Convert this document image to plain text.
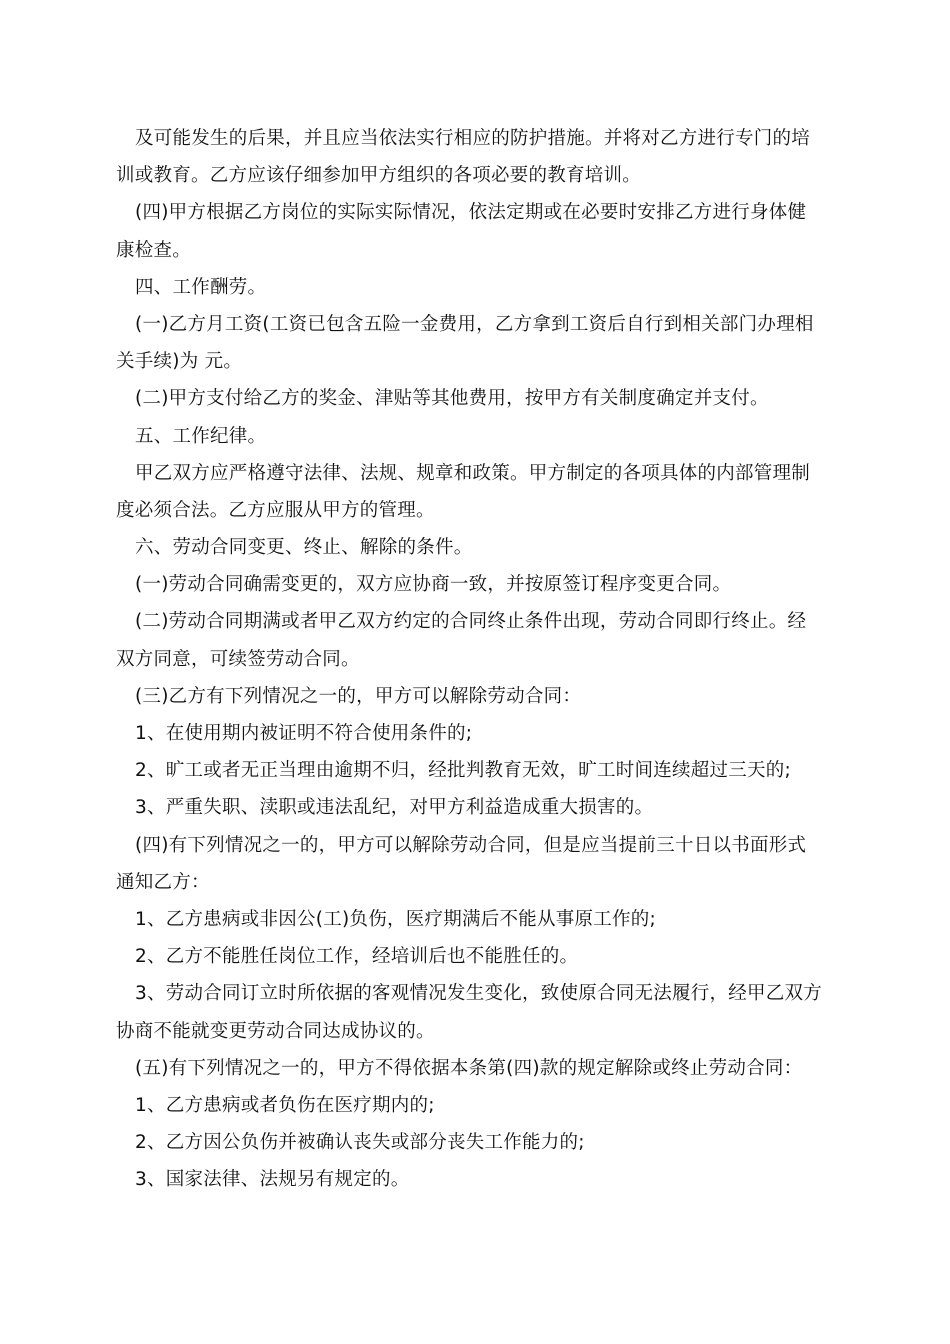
及可能发生的后果，并且应当依法实行相应的防护措施。并将对乙方进行专门的培
训或教育。乙方应该仔细参加甲方组织的各项必要的教育培训。
(四)甲方根据乙方岗位的实际实际情况，依法定期或在必要时安排乙方进行身体健
康检查。
四、工作酬劳。
(一)乙方月工资(工资已包含五险一金费用，乙方拿到工资后自行到相关部门办理相
关手续)为 元。
(二)甲方支付给乙方的奖金、津贴等其他费用，按甲方有关制度确定并支付。
五、工作纪律。
甲乙双方应严格遵守法律、法规、规章和政策。甲方制定的各项具体的内部管理制
度必须合法。乙方应服从甲方的管理。
六、劳动合同变更、终止、解除的条件。
(一)劳动合同确需变更的，双方应协商一致，并按原签订程序变更合同。
(二)劳动合同期满或者甲乙双方约定的合同终止条件出现，劳动合同即行终止。经
双方同意，可续签劳动合同。
(三)乙方有下列情况之一的，甲方可以解除劳动合同：
1、在使用期内被证明不符合使用条件的;
2、旷工或者无正当理由逾期不归，经批判教育无效，旷工时间连续超过三天的;
3、严重失职、渎职或违法乱纪，对甲方利益造成重大损害的。
(四)有下列情况之一的，甲方可以解除劳动合同，但是应当提前三十日以书面形式
通知乙方：
1、乙方患病或非因公(工)负伤，医疗期满后不能从事原工作的;
2、乙方不能胜任岗位工作，经培训后也不能胜任的。
3、劳动合同订立时所依据的客观情况发生变化，致使原合同无法履行，经甲乙双方
协商不能就变更劳动合同达成协议的。
(五)有下列情况之一的，甲方不得依据本条第(四)款的规定解除或终止劳动合同：
1、乙方患病或者负伤在医疗期内的;
2、乙方因公负伤并被确认丧失或部分丧失工作能力的;
3、国家法律、法规另有规定的。
